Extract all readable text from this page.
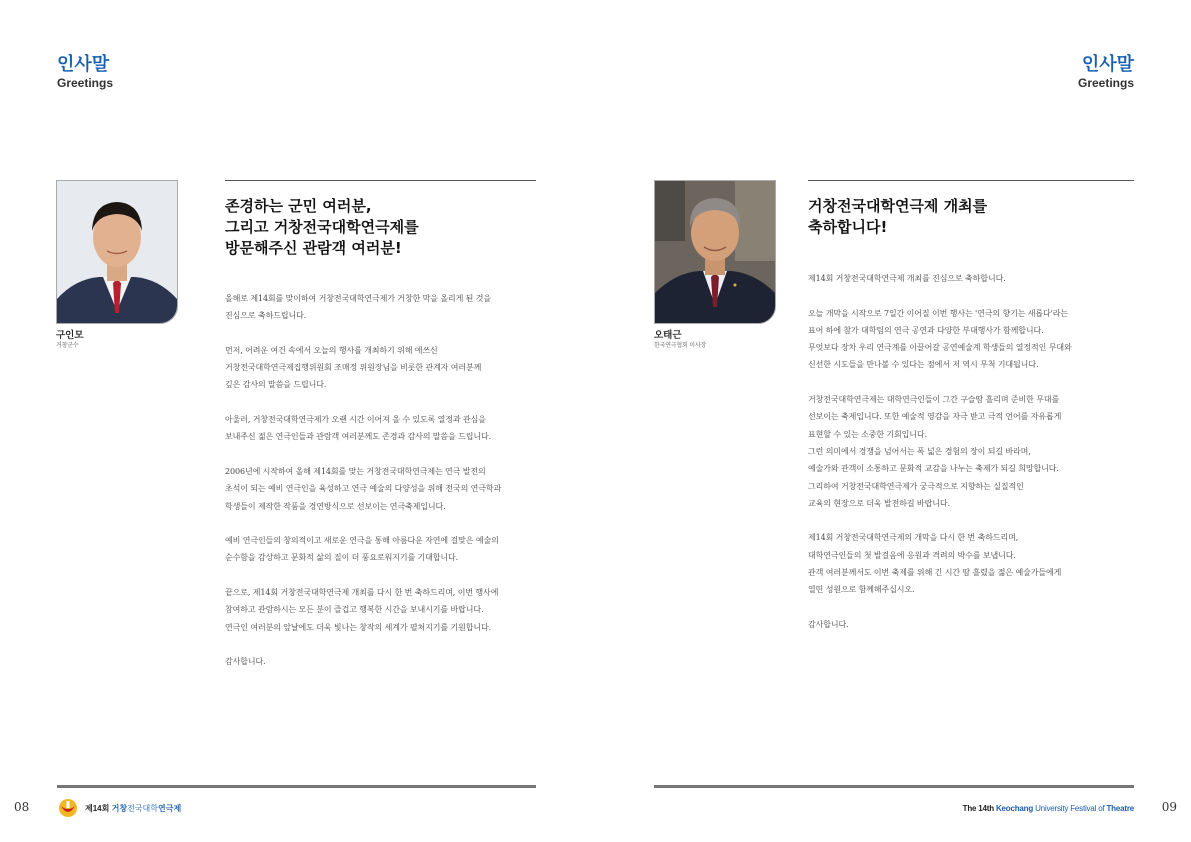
인사말
Greetings
구인모
거창군수
존경하는 군민 여러분,
그리고 거창전국대학연극제를
방문해주신 관람객 여러분!

올해로 제14회를 맞이하여 거창전국대학연극제가 거창한 막을 올리게 된 것을
진심으로 축하드립니다.

먼저, 어려운 여건 속에서 오늘의 행사를 개최하기 위해 애쓰신
거창전국대학연극제집행위원회 조매정 위원장님을 비롯한 관계자 여러분께
깊은 감사의 말씀을 드립니다.

아울러, 거창전국대학연극제가 오랜 시간 이어져 올 수 있도록 열정과 관심을
보내주신 젊은 연극인들과 관람객 여러분께도 존경과 감사의 말씀을 드립니다.

2006년에 시작하여 올해 제14회를 맞는 거창전국대학연극제는 연극 발전의
초석이 되는 예비 연극인을 육성하고 연극 예술의 다양성을 위해 전국의 연극학과
학생들이 제작한 작품을 경연방식으로 선보이는 연극축제입니다.

예비 연극인들의 창의적이고 새로운 연극을 통해 아름다운 자연에 걸맞은 예술의
순수함을 감상하고 문화적 삶의 질이 더 풍요로워지기를 기대합니다.

끝으로, 제14회 거창전국대학연극제 개최를 다시 한 번 축하드리며, 이번 행사에
참여하고 관람하시는 모든 분이 즐겁고 행복한 시간을 보내시기를 바랍니다.
연극인 여러분의 앞날에도 더욱 빛나는 창작의 세계가 펼쳐지기를 기원합니다.

감사합니다.

08	제14회 거창전국대학연극제
인사말
Greetings
오태근
한국연극협회 이사장
거창전국대학연극제 개최를
축하합니다!

제14회 거창전국대학연극제 개최를 진심으로 축하합니다.

오늘 개막을 시작으로 7일간 이어질 이번 행사는 '연극의 향기는 새롭다'라는
표어 하에 참가 대학팀의 연극 공연과 다양한 부대행사가 함께합니다.
무엇보다 장차 우리 연극계를 이끌어갈 공연예술계 학생들의 열정적인 무대와
신선한 시도들을 만나볼 수 있다는 점에서 저 역시 무척 기대됩니다.

거창전국대학연극제는 대학연극인들이 그간 구슬땀 흘리며 준비한 무대를
선보이는 축제입니다. 또한 예술적 영감을 자극 받고 극적 언어를 자유롭게
표현할 수 있는 소중한 기회입니다.
그런 의미에서 경쟁을 넘어서는 폭 넓은 경험의 장이 되길 바라며,
예술가와 관객이 소통하고 문화적 교감을 나누는 축제가 되길 희망합니다.
그리하여 거창전국대학연극제가 궁극적으로 지향하는 실질적인
교육의 현장으로 더욱 발전하길 바랍니다.

제14회 거창전국대학연극제의 개막을 다시 한 번 축하드리며,
대학연극인들의 첫 발걸음에 응원과 격려의 박수를 보냅니다.
관객 여러분께서도 이번 축제를 위해 긴 시간 땀 흘렸을 젊은 예술가들에게
열띤 성원으로 함께해주십시오.

감사합니다.

09
The 14th Keochang University Festival of Theatre
